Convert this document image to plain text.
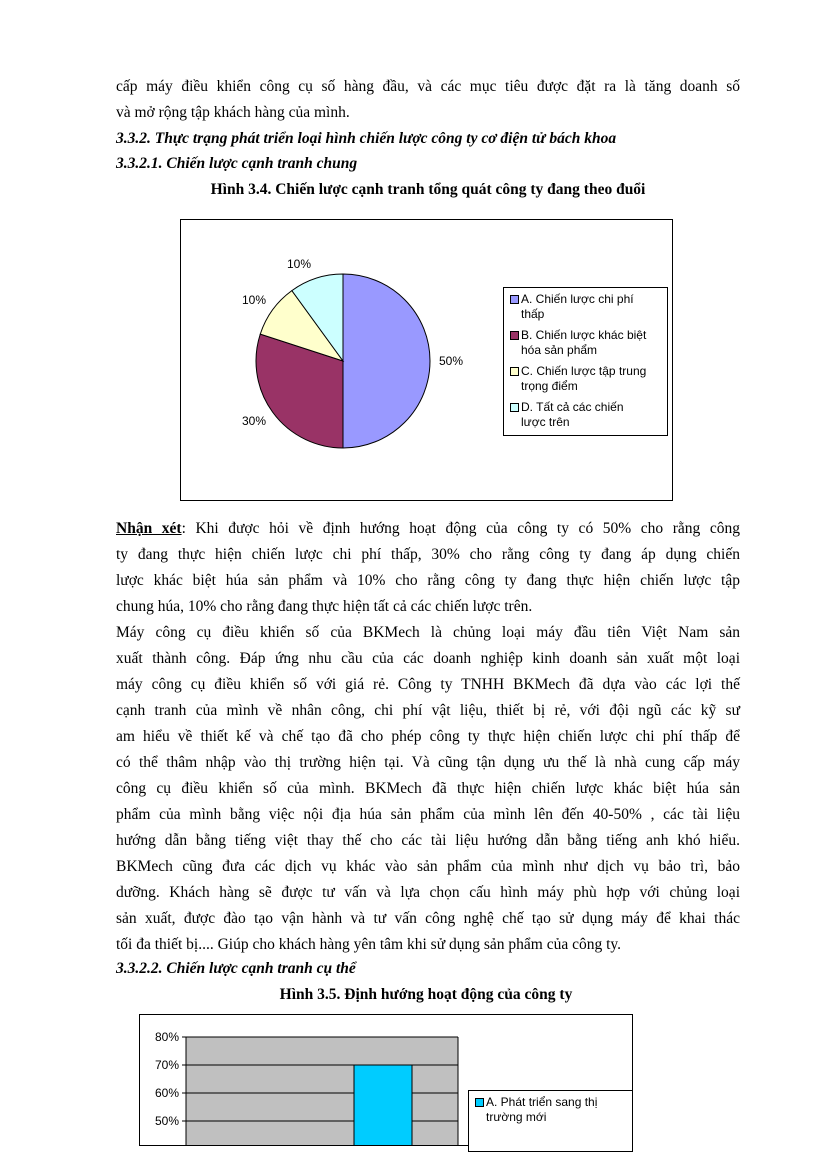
cấp máy điều khiển công cụ số hàng đầu, và các mục tiêu được đặt ra là tăng doanh số
và mở rộng tập khách hàng của mình.
3.3.2. Thực trạng phát triển loại hình chiến lược công ty cơ điện tử bách khoa
3.3.2.1. Chiến lược cạnh tranh chung
Hình 3.4. Chiến lược cạnh tranh tổng quát công ty đang theo đuổi
50%
30%
10%
10%
A. Chiến lược chi phí
thấp
B. Chiến lược khác biệt
hóa sản phẩm
C. Chiến lược tập trung
trọng điểm
D. Tất cả các chiến
lược trên
Nhận xét: Khi được hỏi về định hướng hoạt động của công ty có 50% cho rằng công
ty đang thực hiện chiến lược chi phí thấp, 30% cho rằng công ty đang áp dụng chiến
lược khác biệt húa sản phẩm và 10% cho rằng công ty đang thực hiện chiến lược tập
chung húa, 10% cho rằng đang thực hiện tất cả các chiến lược trên.
Máy công cụ điều khiển số của BKMech là chủng loại máy đầu tiên Việt Nam sản
xuất thành công. Đáp ứng nhu cầu của các doanh nghiệp kinh doanh sản xuất một loại
máy công cụ điều khiển số với giá rẻ. Công ty TNHH BKMech đã dựa vào các lợi thế
cạnh tranh của mình về nhân công, chi phí vật liệu, thiết bị rẻ, với đội ngũ các kỹ sư
am hiểu về thiết kế và chế tạo đã cho phép công ty thực hiện chiến lược chi phí thấp để
có thể thâm nhập vào thị trường hiện tại. Và cũng tận dụng ưu thế là nhà cung cấp máy
công cụ điều khiển số của mình. BKMech đã thực hiện chiến lược khác biệt húa sản
phẩm của mình bằng việc nội địa húa sản phẩm của mình lên đến 40-50% , các tài liệu
hướng dẫn bằng tiếng việt thay thế cho các tài liệu hướng dẫn bằng tiếng anh khó hiểu.
BKMech cũng đưa các dịch vụ khác vào sản phẩm của mình như dịch vụ bảo trì, bảo
dưỡng. Khách hàng sẽ được tư vấn và lựa chọn cấu hình máy phù hợp với chủng loại
sản xuất, được đào tạo vận hành và tư vấn công nghệ chế tạo sử dụng máy để khai thác
tối đa thiết bị.... Giúp cho khách hàng yên tâm khi sử dụng sản phẩm của công ty.
3.3.2.2. Chiến lược cạnh tranh cụ thể
Hình 3.5. Định hướng hoạt động của công ty
80%
70%
60%
50%
A. Phát triển sang thị
trường mới
